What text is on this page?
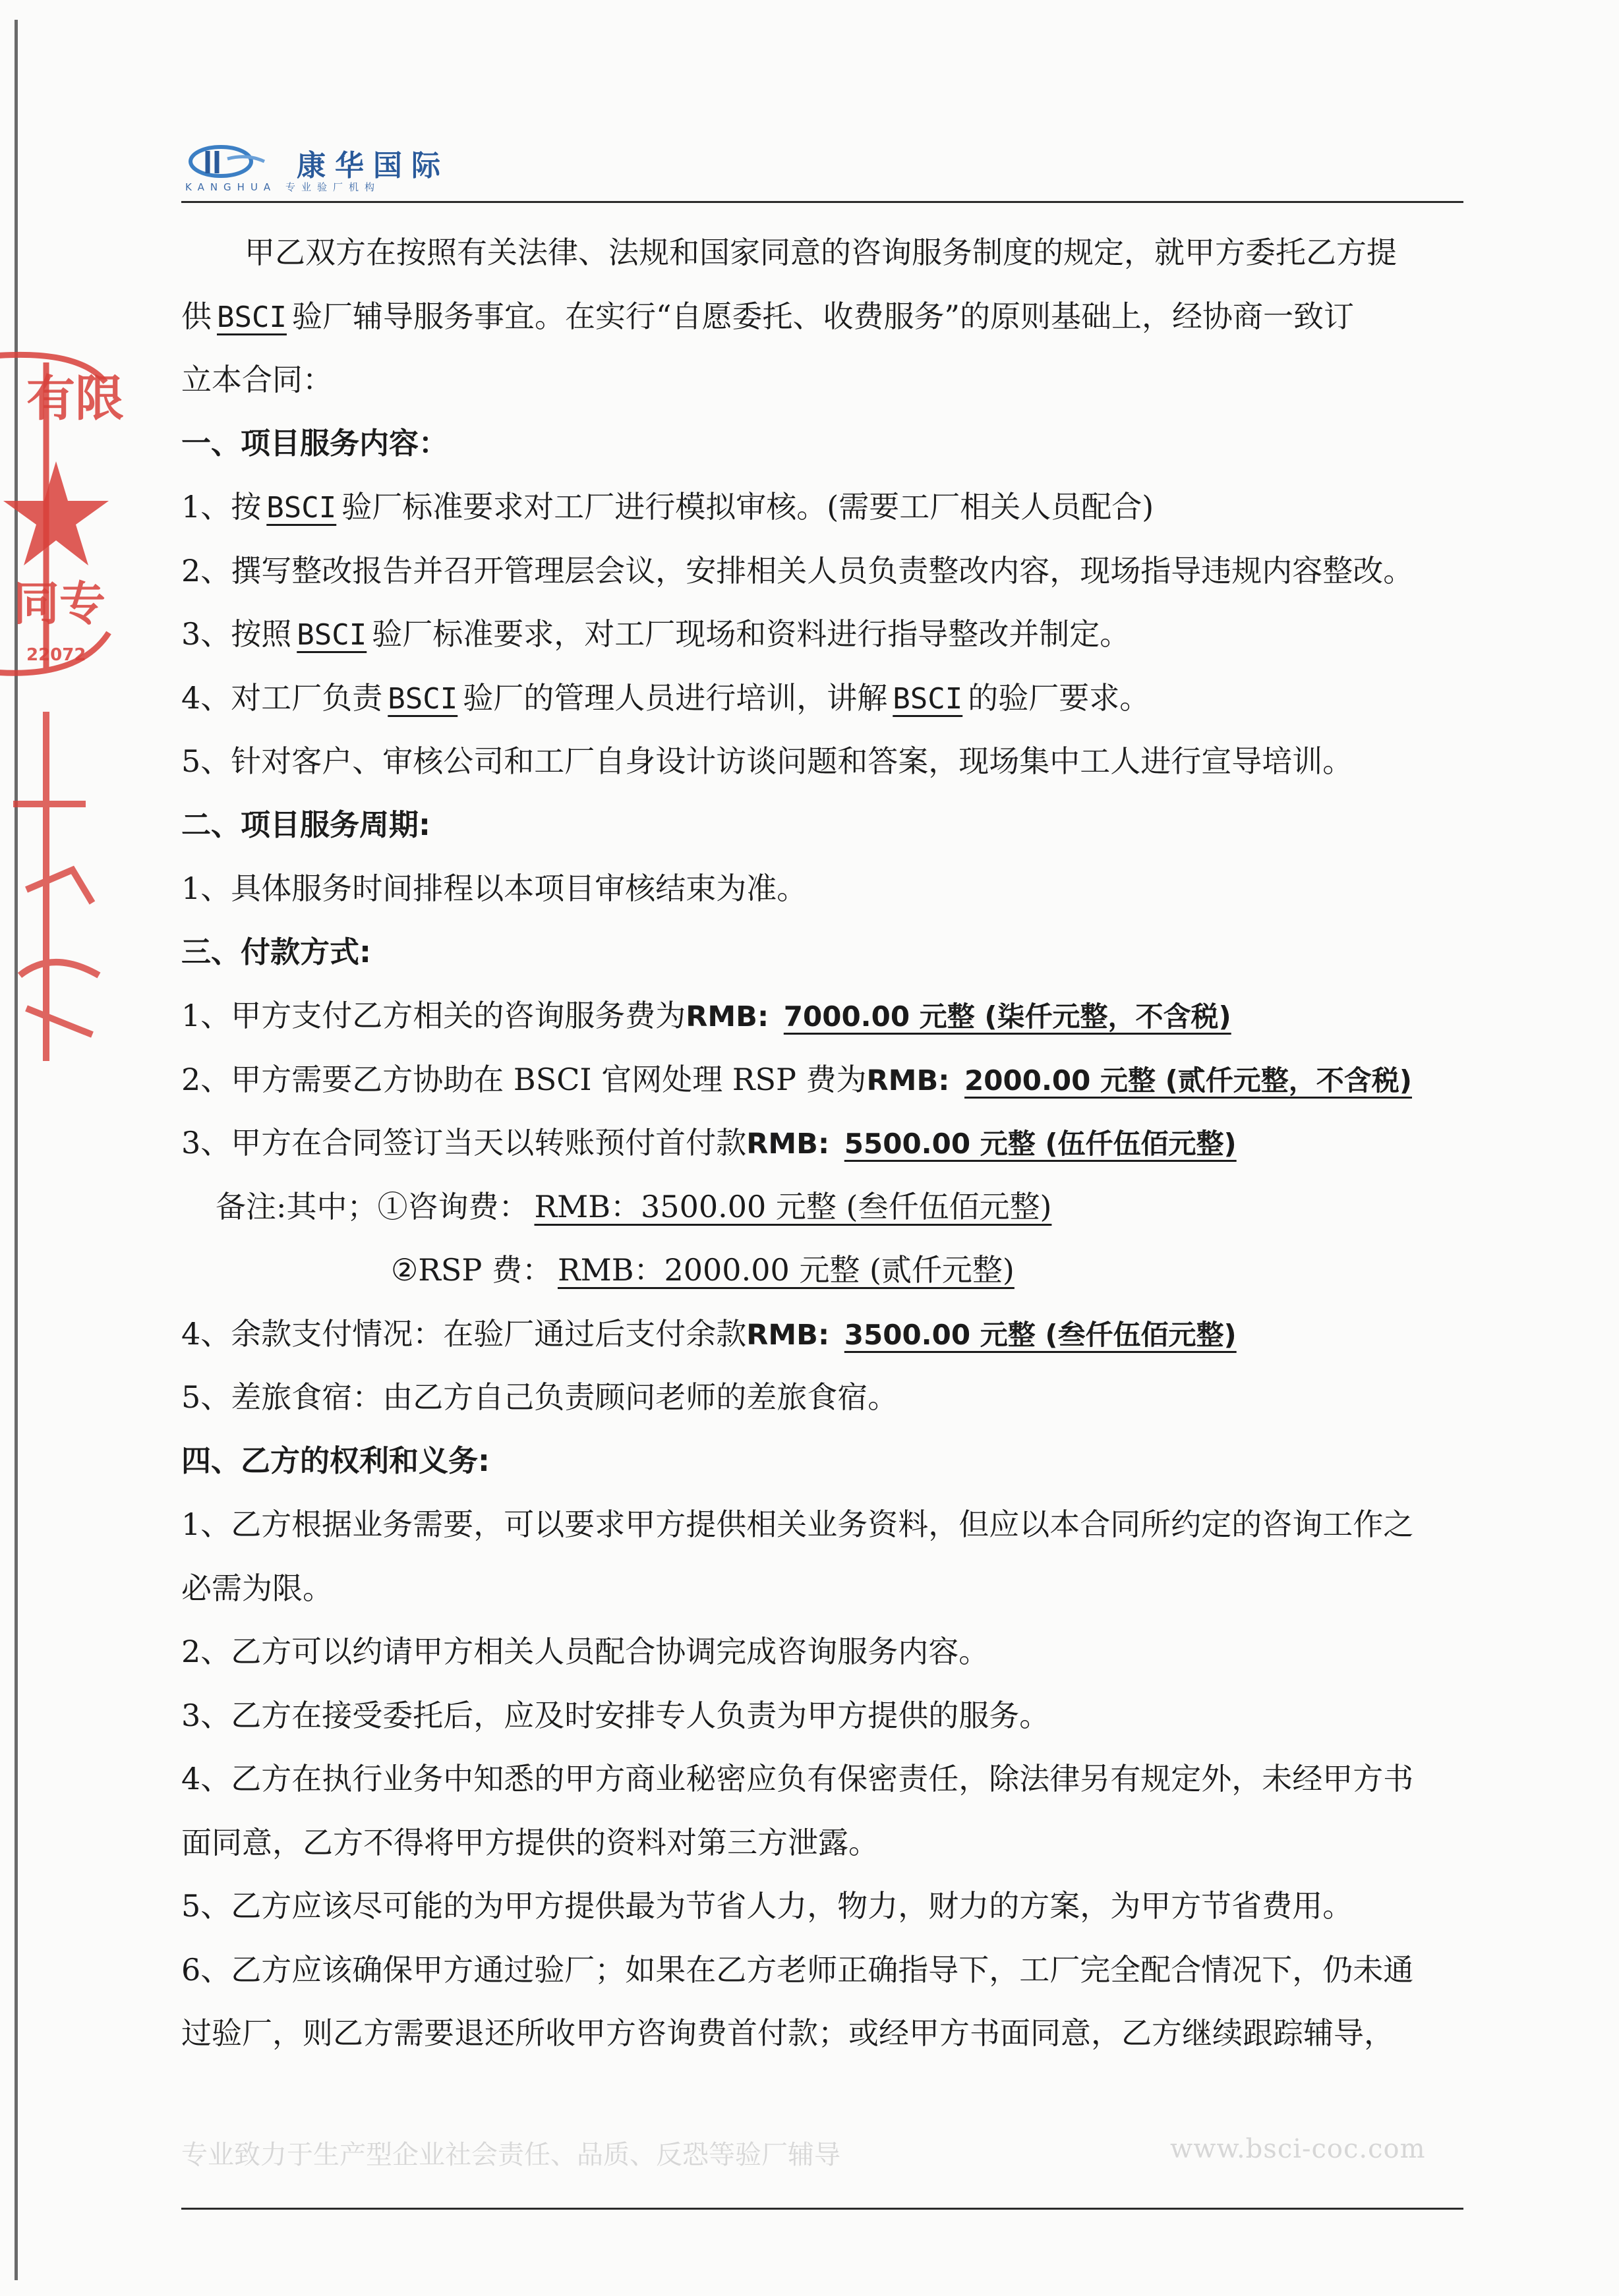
康华国际
KANGHUA 专业验厂机构
有限
同专
22072
甲乙双方在按照有关法律、法规和国家同意的咨询服务制度的规定，就甲方委托乙方提
供 BSCI 验厂辅导服务事宜。在实行“自愿委托、收费服务”的原则基础上，经协商一致订
立本合同：
一、项目服务内容：
1、按 BSCI 验厂标准要求对工厂进行模拟审核。(需要工厂相关人员配合)
2、撰写整改报告并召开管理层会议，安排相关人员负责整改内容，现场指导违规内容整改。
3、按照 BSCI 验厂标准要求，对工厂现场和资料进行指导整改并制定。
4、对工厂负责 BSCI 验厂的管理人员进行培训，讲解 BSCI 的验厂要求。
5、针对客户、审核公司和工厂自身设计访谈问题和答案，现场集中工人进行宣导培训。
二、项目服务周期:
1、具体服务时间排程以本项目审核结束为准。
三、付款方式:
1、甲方支付乙方相关的咨询服务费为RMB: 7000.00 元整 (柒仟元整，不含税)
2、甲方需要乙方协助在 BSCI 官网处理 RSP 费为RMB: 2000.00 元整 (贰仟元整，不含税)
3、甲方在合同签订当天以转账预付首付款RMB: 5500.00 元整 (伍仟伍佰元整)
备注:其中；①咨询费： RMB：3500.00 元整 (叁仟伍佰元整)
②RSP 费： RMB：2000.00 元整 (贰仟元整)
4、余款支付情况：在验厂通过后支付余款RMB: 3500.00 元整 (叁仟伍佰元整)
5、差旅食宿：由乙方自己负责顾问老师的差旅食宿。
四、乙方的权利和义务:
1、乙方根据业务需要，可以要求甲方提供相关业务资料，但应以本合同所约定的咨询工作之
必需为限。
2、乙方可以约请甲方相关人员配合协调完成咨询服务内容。
3、乙方在接受委托后，应及时安排专人负责为甲方提供的服务。
4、乙方在执行业务中知悉的甲方商业秘密应负有保密责任，除法律另有规定外，未经甲方书
面同意，乙方不得将甲方提供的资料对第三方泄露。
5、乙方应该尽可能的为甲方提供最为节省人力，物力，财力的方案，为甲方节省费用。
6、乙方应该确保甲方通过验厂；如果在乙方老师正确指导下，工厂完全配合情况下，仍未通
过验厂，则乙方需要退还所收甲方咨询费首付款；或经甲方书面同意，乙方继续跟踪辅导，
专业致力于生产型企业社会责任、品质、反恐等验厂辅导	www.bsci-coc.com
